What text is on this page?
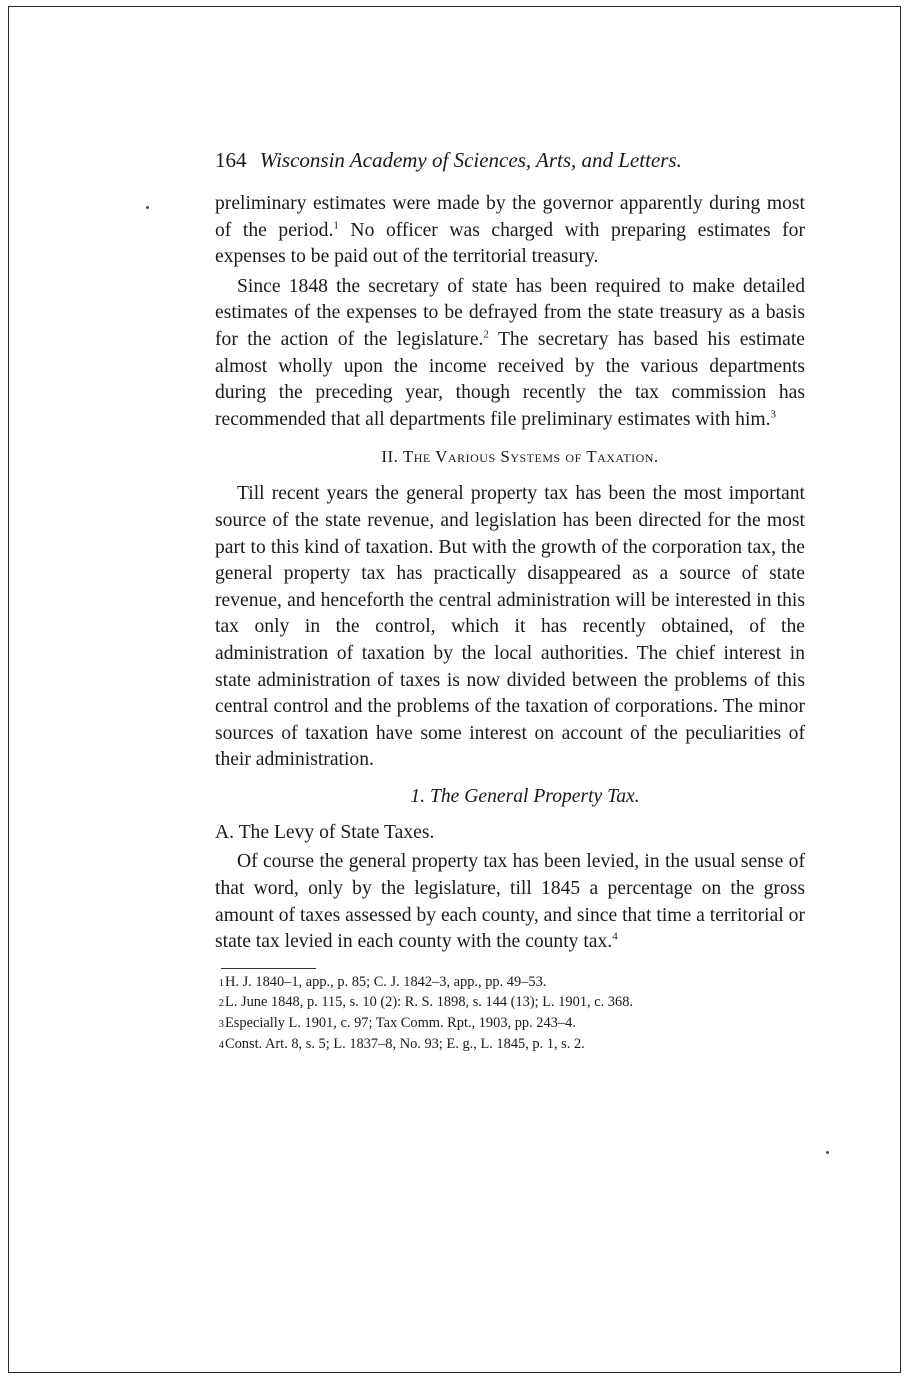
164 Wisconsin Academy of Sciences, Arts, and Letters.

preliminary estimates were made by the governor apparently during most of the period.$^1$ No officer was charged with preparing estimates for expenses to be paid out of the territorial treasury.

Since 1848 the secretary of state has been required to make detailed estimates of the expenses to be defrayed from the state treasury as a basis for the action of the legislature.$^2$ The secretary has based his estimate almost wholly upon the income received by the various departments during the preceding year, though recently the tax commission has recommended that all departments file preliminary estimates with him.$^3$

II. The Various Systems of Taxation.

Till recent years the general property tax has been the most important source of the state revenue, and legislation has been directed for the most part to this kind of taxation. But with the growth of the corporation tax, the general property tax has practically disappeared as a source of state revenue, and henceforth the central administration will be interested in this tax only in the control, which it has recently obtained, of the administration of taxation by the local authorities. The chief interest in state administration of taxes is now divided between the problems of this central control and the problems of the taxation of corporations. The minor sources of taxation have some interest on account of the peculiarities of their administration.

1. The General Property Tax.
A. The Levy of State Taxes.

Of course the general property tax has been levied, in the usual sense of that word, only by the legislature, till 1845 a percentage on the gross amount of taxes assessed by each county, and since that time a territorial or state tax levied in each county with the county tax.$^4$

1H. J. 1840–1, app., p. 85; C. J. 1842–3, app., pp. 49–53.
2L. June 1848, p. 115, s. 10 (2): R. S. 1898, s. 144 (13); L. 1901, c. 368.
3Especially L. 1901, c. 97; Tax Comm. Rpt., 1903, pp. 243–4.
4Const. Art. 8, s. 5; L. 1837–8, No. 93; E. g., L. 1845, p. 1, s. 2.
